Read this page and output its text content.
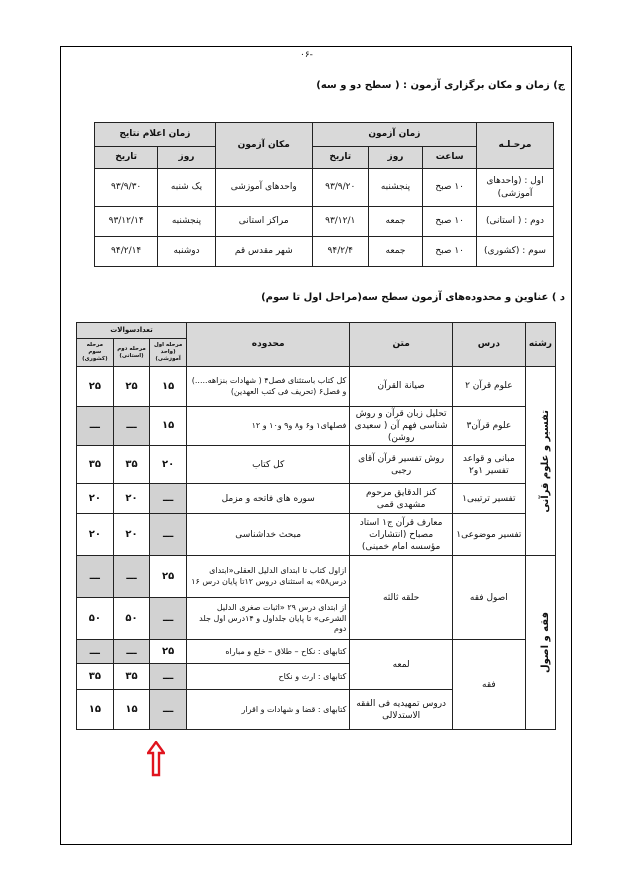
۰۶-
ج) زمان و مکان برگزاری آزمون : ( سطح دو و سه)
مرحـلـه	زمان آزمون			مکان آزمون	زمان اعلام نتایج	
	ساعت	روز	تاریخ		روز	تاریخ
اول : (واحدهای آموزشی)	۱۰ صبح	پنجشنبه	۹۳/۹/۲۰	واحدهای آموزشی	یک شنبه	۹۳/۹/۳۰
دوم : ( استانی)	۱۰ صبح	جمعه	۹۳/۱۲/۱	مراکز استانی	پنجشنبه	۹۳/۱۲/۱۴
سوم : (کشوری)	۱۰ صبح	جمعه	۹۴/۲/۴	شهر مقدس قم	دوشنبه	۹۴/۲/۱۴
د ) عناوین و محدوده‌های آزمون سطح سه(مراحل اول تا سوم)
رشته	درس	متن	محدوده	تعدادسوالات		
				مرحله اول (واحد آموزشی)	مرحله دوم (استانی)	مرحله سوم (کشوری)

تفسیر و علوم قرآنی	علوم قرآن ۲	صیانة القرآن	کل کتاب باستثنای فصل۴ ( شهادات بنزاهه.....) و فصل۶ (تحریف فی کتب العهدین)	۱۵	۲۵	۲۵
	علوم قرآن۳	تحلیل زبان قرآن و روش شناسی فهم آن ( سعیدی روشن)	فصلهای۱ و۶ و۸ و۹ و۱۰ و ۱۲	۱۵	ـــ	ـــ
	مبانی و قواعد تفسیر ۱و۲	روش تفسیر قرآن آقای رجبی	کل کتاب	۲۰	۳۵	۳۵
	تفسیر ترتیبی۱	کنز الدقایق مرحوم مشهدی قمی	سوره های فاتحه و مزمل	ـــ	۲۰	۲۰
	تفسیر موضوعی۱	معارف قرآن ج۱ استاد مصباح (انتشارات مؤسسه امام خمینی)	مبحث خداشناسی	ـــ	۲۰	۲۰

فقه و اصول	اصول فقه	حلقه ثالثه	ازاول کتاب تا ابتدای الدلیل العقلی«ابتدای درس۵۸» به استثنای دروس ۱۲تا پایان درس ۱۶	۲۵	ـــ	ـــ
			از ابتدای درس ۲۹ «اثبات صغری الدلیل الشرعی» تا پایان جلداول و ۱۴درس اول جلد دوم	ـــ	۵۰	۵۰
	فقه	لمعه	کتابهای : نکاح – طلاق – خلع و مباراه	۲۵	ـــ	ـــ
			کتابهای : ارث و نکاح	ـــ	۳۵	۳۵
		دروس تمهیدیه فی الفقه الاستدلالی	کتابهای : قضا و شهادات و اقرار	ـــ	۱۵	۱۵
